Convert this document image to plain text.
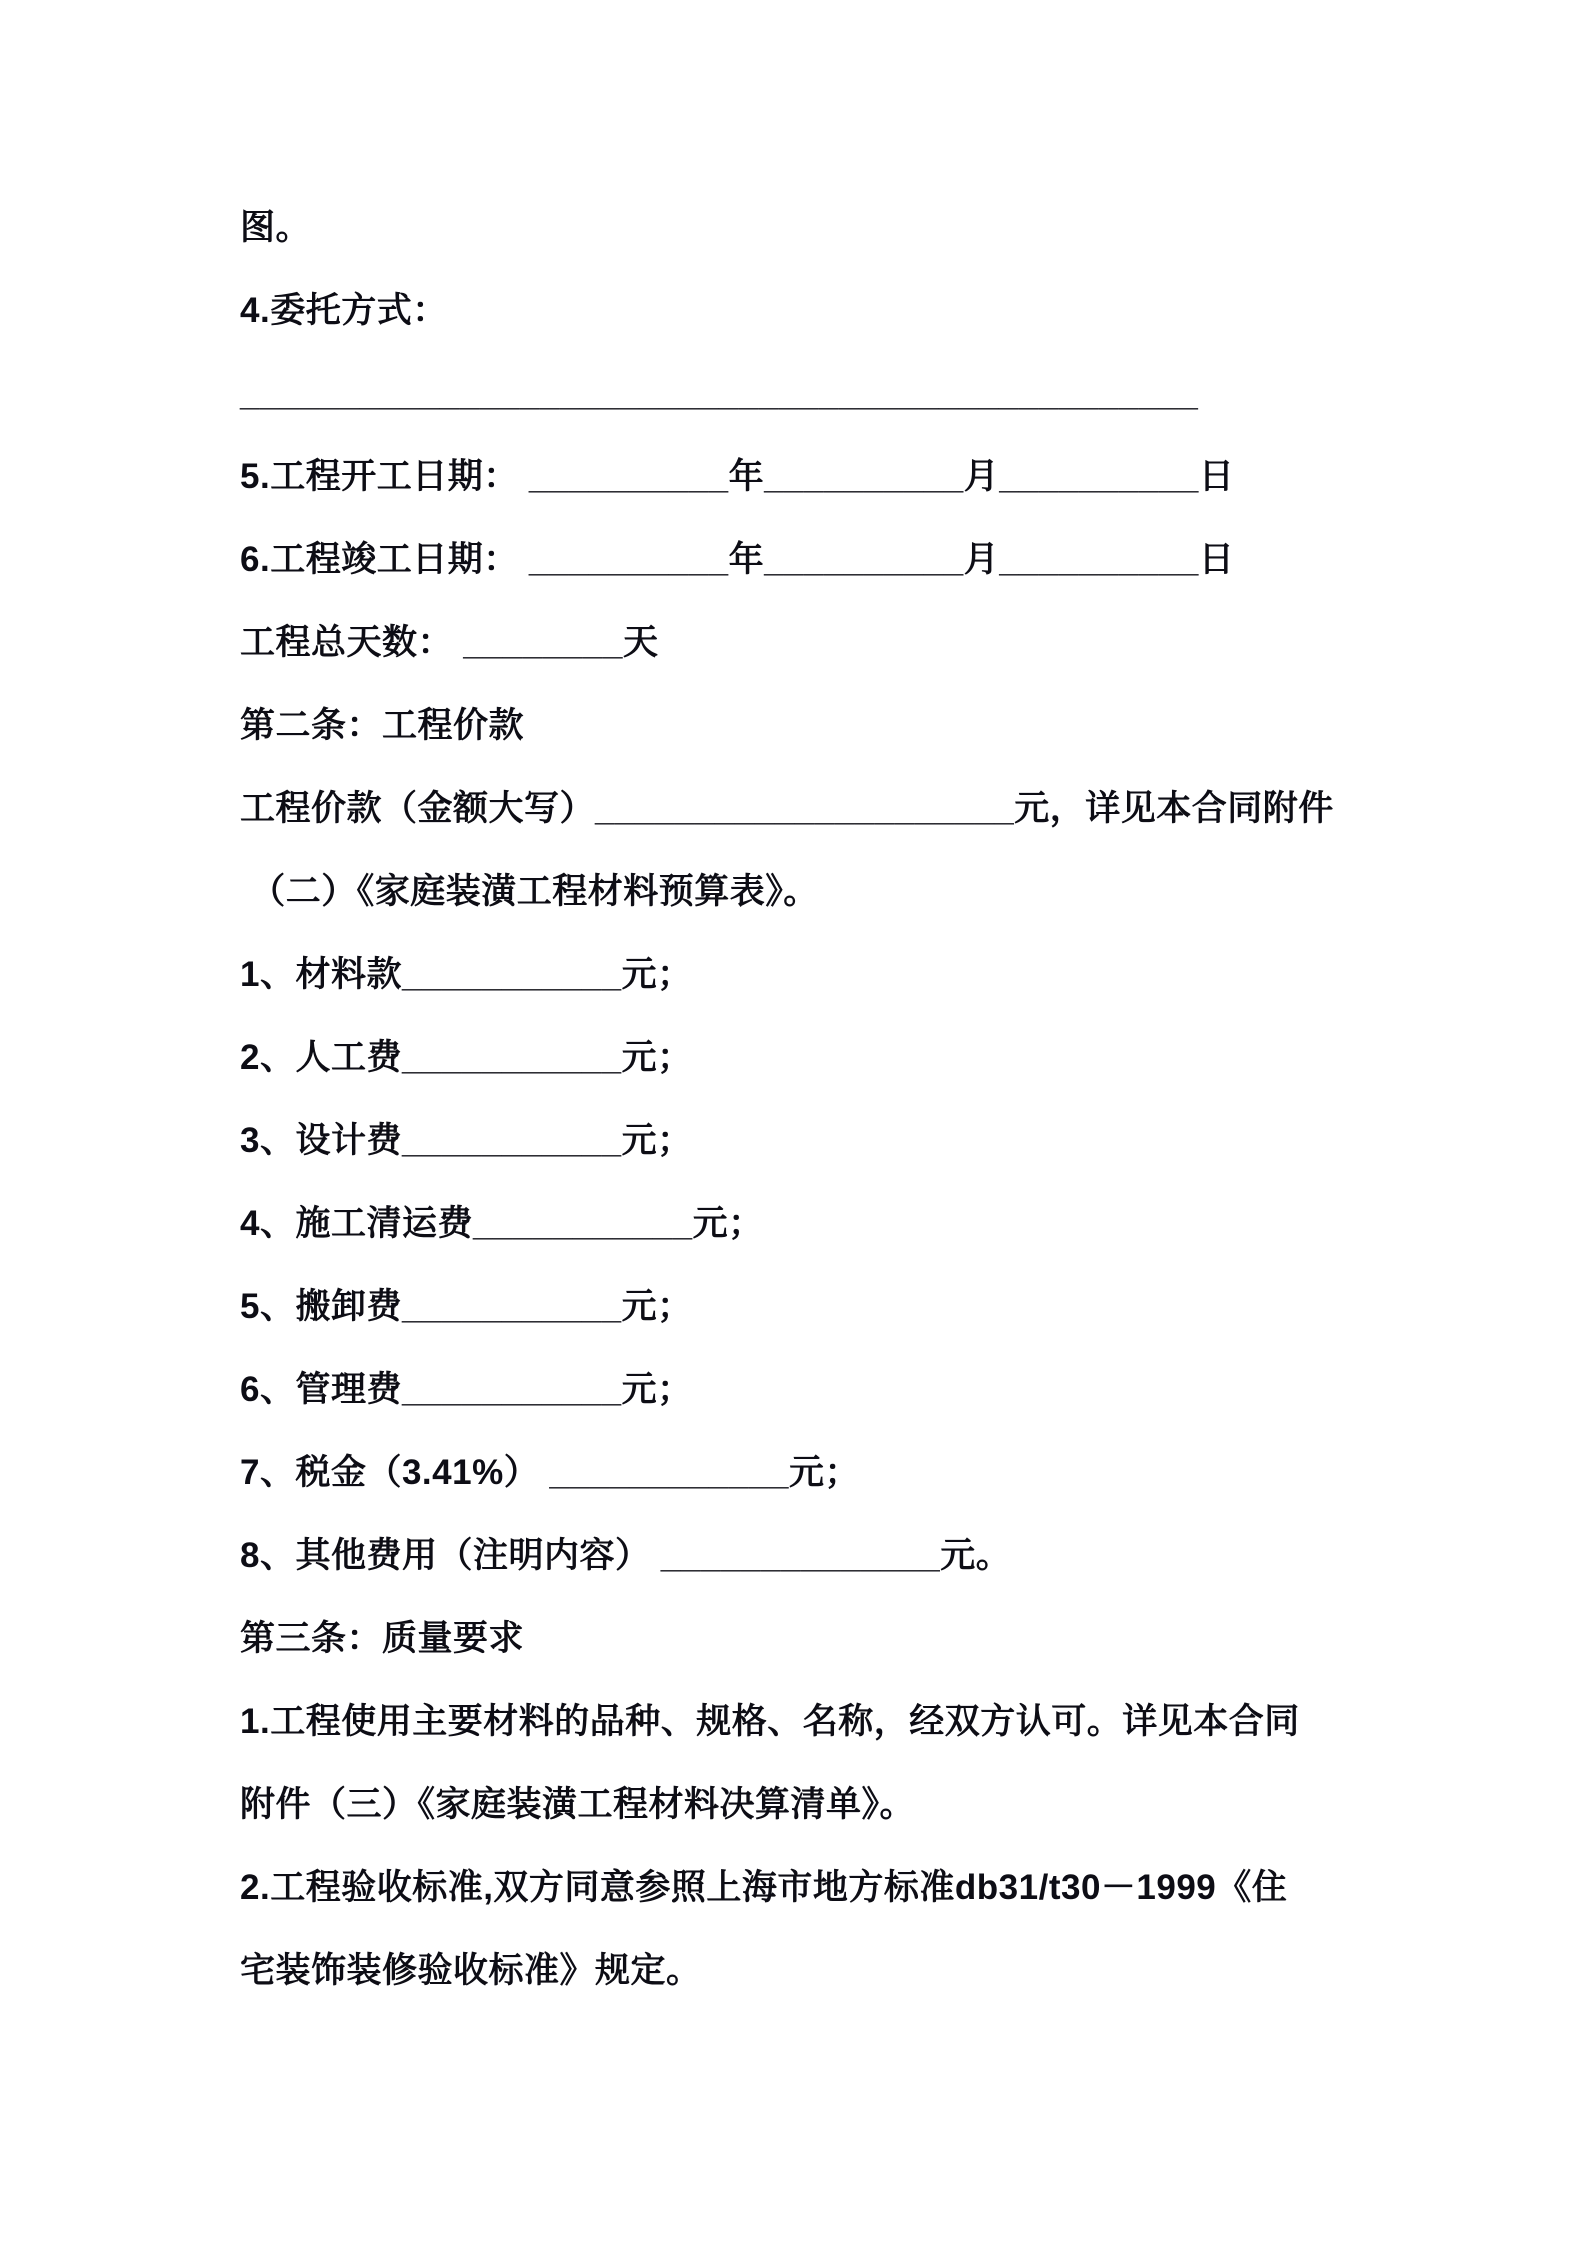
图。
4.委托方式：
________________________________________________
5.工程开工日期： __________年__________月__________日
6.工程竣工日期： __________年__________月__________日
工程总天数： ________天
第二条：工程价款
工程价款（金额大写）_____________________元，详见本合同附件
（二）《家庭装潢工程材料预算表》。
1、材料款___________元；
2、人工费___________元；
3、设计费___________元；
4、施工清运费___________元；
5、搬卸费___________元；
6、管理费___________元；
7、税金（3.41%） ____________元；
8、其他费用（注明内容） ______________元。
第三条：质量要求
1.工程使用主要材料的品种、规格、名称，经双方认可。详见本合同
附件（三）《家庭装潢工程材料决算清单》。
2.工程验收标准,双方同意参照上海市地方标准db31/t30－1999《住
宅装饰装修验收标准》规定。
